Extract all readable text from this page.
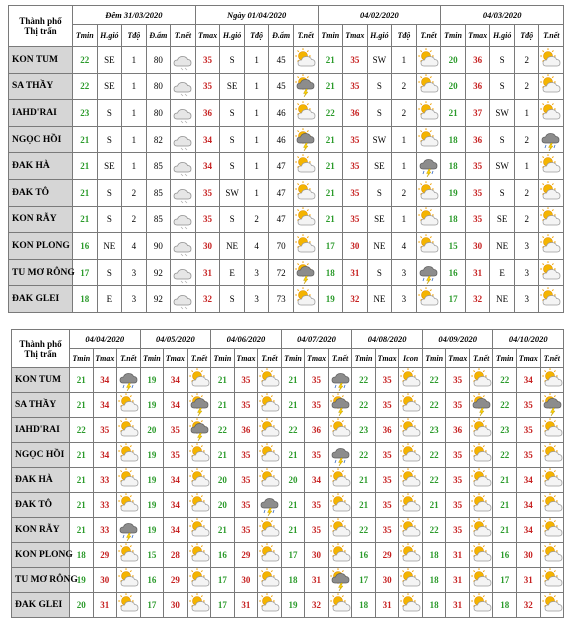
Thành phố
Thị trấn	Đêm 31/03/2020					Ngày 01/04/2020					04/02/2020					04/03/2020				
	Tmin	H.gió	Tđộ	Đ.ẩm	T.nết	Tmax	H.gió	Tđộ	Đ.ẩm	T.nết	Tmin	Tmax	H.gió	Tđộ	T.nết	Tmin	Tmax	H.gió	Tđộ	T.nết
KON TUM	22	SE	1	80		35	S	1	45		21	35	SW	1		20	36	S	2	

SA THẦY	22	SE	1	80		35	SE	1	45		21	35	S	2		20	36	S	2	

IAHD'RAI	23	S	1	80		36	S	1	46		22	36	S	2		21	37	SW	1	

NGỌC HỒI	21	S	1	82		34	S	1	46		21	35	SW	1		18	36	S	2	

ĐAK HÀ	21	SE	1	85		34	S	1	47		21	35	SE	1		18	35	SW	1	

ĐAK TÔ	21	S	2	85		35	SW	1	47		21	35	S	2		19	35	S	2	

KON RẪY	21	S	2	85		35	S	2	47		21	35	SE	1		18	35	SE	2	

KON PLONG	16	NE	4	90		30	NE	4	70		17	30	NE	4		15	30	NE	3	

TU MƠ RÔNG	17	S	3	92		31	E	3	72		18	31	S	3		16	31	E	3	

ĐAK GLEI	18	E	3	92		32	S	3	73		19	32	NE	3		17	32	NE	3	
Thành phố
Thị trấn	04/04/2020			04/05/2020			04/06/2020			04/07/2020			04/08/2020			04/09/2020			04/10/2020		
	Tmin	Tmax	T.nết	Tmin	Tmax	T.nết	Tmin	Tmax	T.nết	Tmin	Tmax	T.nết	Tmin	Tmax	Icon	Tmin	Tmax	T.nết	Tmin	Tmax	T.nết
KON TUM	21	34		19	34		21	35		21	35		22	35		22	35		22	34	

SA THẦY	21	34		19	34		21	35		21	35		22	35		22	35		22	35	

IAHD'RAI	22	35		20	35		22	36		22	36		23	36		23	36		23	35	

NGỌC HỒI	21	34		19	35		21	35		21	35		22	35		22	35		22	35	

ĐAK HÀ	21	33		19	34		20	35		20	34		21	35		22	35		21	34	

ĐAK TÔ	21	33		19	34		20	35		21	35		21	35		21	35		21	34	

KON RẪY	21	33		19	34		21	35		21	35		22	35		22	35		21	34	

KON PLONG	18	29		15	28		16	29		17	30		16	29		18	31		16	30	

TU MƠ RÔNG	19	30		16	29		17	30		18	31		17	30		18	31		17	31	

ĐAK GLEI	20	31		17	30		17	31		19	32		18	31		18	31		18	32	
